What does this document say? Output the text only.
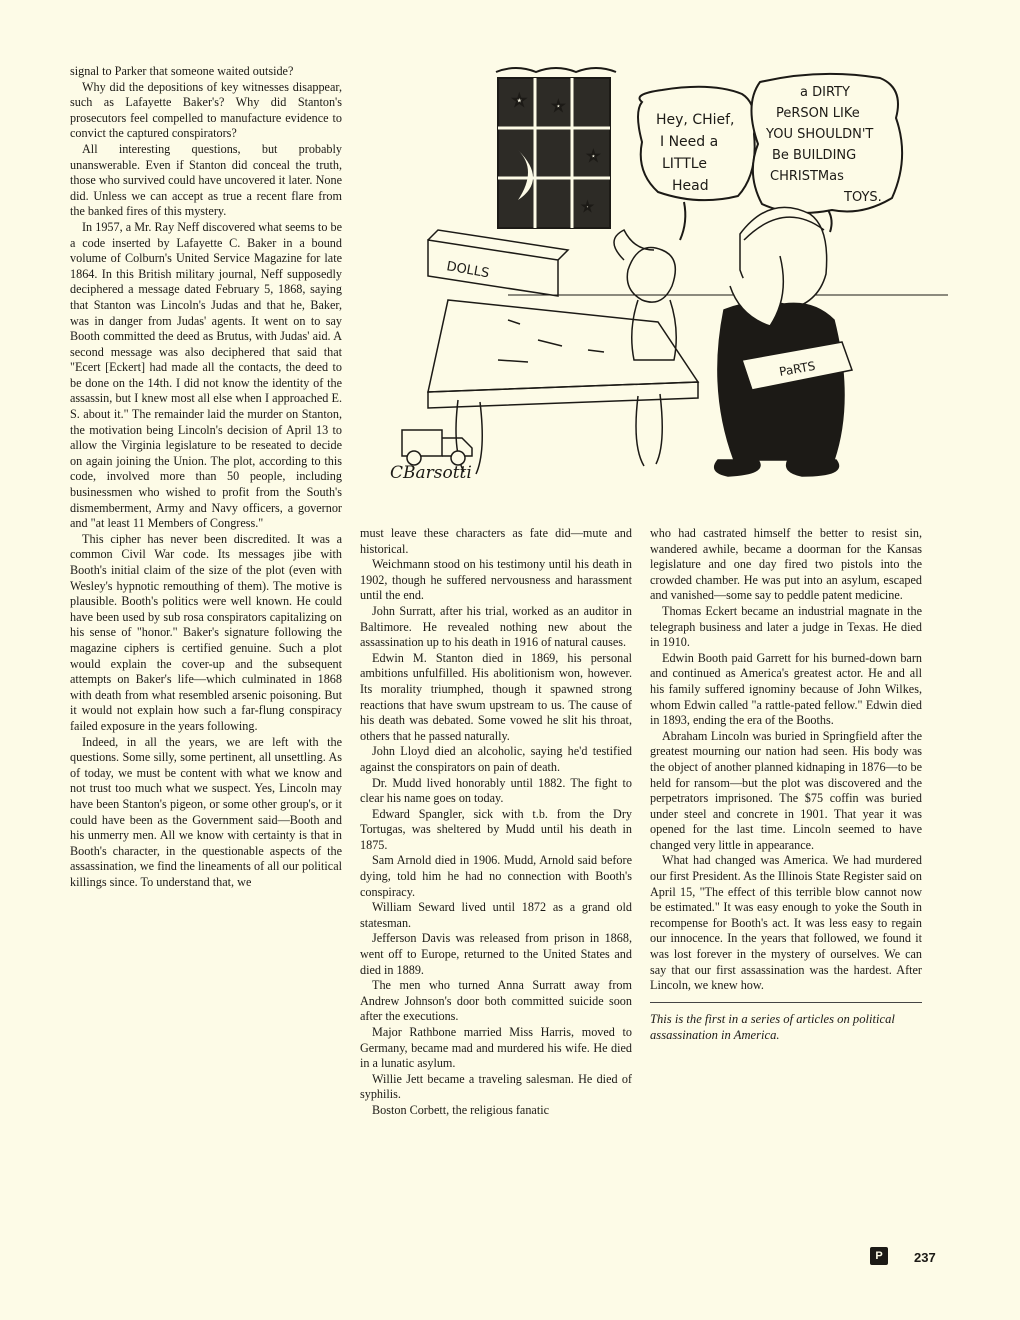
signal to Parker that someone waited outside?

Why did the depositions of key witnesses disappear, such as Lafayette Baker's? Why did Stanton's prosecutors feel compelled to manufacture evidence to convict the captured conspirators?

All interesting questions, but probably unanswerable. Even if Stanton did conceal the truth, those who survived could have uncovered it later. None did. Unless we can accept as true a recent flare from the banked fires of this mystery.

In 1957, a Mr. Ray Neff discovered what seems to be a code inserted by Lafayette C. Baker in a bound volume of Colburn's United Service Magazine for late 1864. In this British military journal, Neff supposedly deciphered a message dated February 5, 1868, saying that Stanton was Lincoln's Judas and that he, Baker, was in danger from Judas' agents. It went on to say Booth committed the deed as Brutus, with Judas' aid. A second message was also deciphered that said that "Ecert [Eckert] had made all the contacts, the deed to be done on the 14th. I did not know the identity of the assassin, but I knew most all else when I approached E. S. about it." The remainder laid the murder on Stanton, the motivation being Lincoln's decision of April 13 to allow the Virginia legislature to be reseated to decide on again joining the Union. The plot, according to this code, involved more than 50 people, including businessmen who wished to profit from the South's dismemberment, Army and Navy officers, a governor and "at least 11 Members of Congress."

This cipher has never been discredited. It was a common Civil War code. Its messages jibe with Booth's initial claim of the size of the plot (even with Wesley's hypnotic remouthing of them). The motive is plausible. Booth's politics were well known. He could have been used by sub rosa conspirators capitalizing on his sense of "honor." Baker's signature following the magazine ciphers is certified genuine. Such a plot would explain the cover-up and the subsequent attempts on Baker's life—which culminated in 1868 with death from what resembled arsenic poisoning. But it would not explain how such a far-flung conspiracy failed exposure in the years following.

Indeed, in all the years, we are left with the questions. Some silly, some pertinent, all unsettling. As of today, we must be content with what we know and not trust too much what we suspect. Yes, Lincoln may have been Stanton's pigeon, or some other group's, or it could have been as the Government said—Booth and his unmerry men. All we know with certainty is that in Booth's character, in the questionable aspects of the assassination, we find the lineaments of all our political killings since. To understand that, we

★ ★
★
★
Hey, CHief,
I Need a
LITTLe
Head
a DIRTY
PeRSON LIKe
YOU SHOULDN'T
Be BUILDING
CHRISTMas
TOYS.
DOLLS
PaRTS
CBarsotti

must leave these characters as fate did—mute and historical.

Weichmann stood on his testimony until his death in 1902, though he suffered nervousness and harassment until the end.

John Surratt, after his trial, worked as an auditor in Baltimore. He revealed nothing new about the assassination up to his death in 1916 of natural causes.

Edwin M. Stanton died in 1869, his personal ambitions unfulfilled. His abolitionism won, however. Its morality triumphed, though it spawned strong reactions that have swum upstream to us. The cause of his death was debated. Some vowed he slit his throat, others that he passed naturally.

John Lloyd died an alcoholic, saying he'd testified against the conspirators on pain of death.

Dr. Mudd lived honorably until 1882. The fight to clear his name goes on today.

Edward Spangler, sick with t.b. from the Dry Tortugas, was sheltered by Mudd until his death in 1875.

Sam Arnold died in 1906. Mudd, Arnold said before dying, told him he had no connection with Booth's conspiracy.

William Seward lived until 1872 as a grand old statesman.

Jefferson Davis was released from prison in 1868, went off to Europe, returned to the United States and died in 1889.

The men who turned Anna Surratt away from Andrew Johnson's door both committed suicide soon after the executions.

Major Rathbone married Miss Harris, moved to Germany, became mad and murdered his wife. He died in a lunatic asylum.

Willie Jett became a traveling salesman. He died of syphilis.

Boston Corbett, the religious fanatic

who had castrated himself the better to resist sin, wandered awhile, became a doorman for the Kansas legislature and one day fired two pistols into the crowded chamber. He was put into an asylum, escaped and vanished—some say to peddle patent medicine.

Thomas Eckert became an industrial magnate in the telegraph business and later a judge in Texas. He died in 1910.

Edwin Booth paid Garrett for his burned-down barn and continued as America's greatest actor. He and all his family suffered ignominy because of John Wilkes, whom Edwin called "a rattle-pated fellow." Edwin died in 1893, ending the era of the Booths.

Abraham Lincoln was buried in Springfield after the greatest mourning our nation had seen. His body was the object of another planned kidnaping in 1876—to be held for ransom—but the plot was discovered and the perpetrators imprisoned. The $75 coffin was buried under steel and concrete in 1901. That year it was opened for the last time. Lincoln seemed to have changed very little in appearance.

What had changed was America. We had murdered our first President. As the Illinois State Register said on April 15, "The effect of this terrible blow cannot now be estimated." It was easy enough to yoke the South in recompense for Booth's act. It was less easy to regain our innocence. In the years that followed, we found it was lost forever in the mystery of ourselves. We can say that our first assassination was the hardest. After Lincoln, we knew how.

This is the first in a series of articles on political assassination in America.

P	237
